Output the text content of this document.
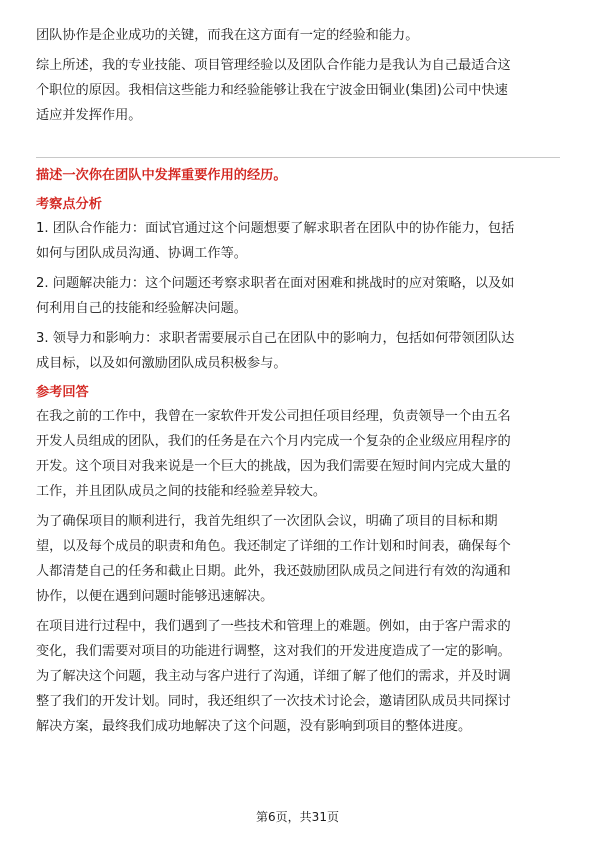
团队协作是企业成功的关键，而我在这方面有一定的经验和能力。

综上所述，我的专业技能、项目管理经验以及团队合作能力是我认为自己最适合这

个职位的原因。我相信这些能力和经验能够让我在宁波金田铜业(集团)公司中快速

适应并发挥作用。

描述一次你在团队中发挥重要作用的经历。

考察点分析

1. 团队合作能力：面试官通过这个问题想要了解求职者在团队中的协作能力，包括

如何与团队成员沟通、协调工作等。

2. 问题解决能力：这个问题还考察求职者在面对困难和挑战时的应对策略，以及如

何利用自己的技能和经验解决问题。

3. 领导力和影响力：求职者需要展示自己在团队中的影响力，包括如何带领团队达

成目标，以及如何激励团队成员积极参与。

参考回答

在我之前的工作中，我曾在一家软件开发公司担任项目经理，负责领导一个由五名

开发人员组成的团队，我们的任务是在六个月内完成一个复杂的企业级应用程序的

开发。这个项目对我来说是一个巨大的挑战，因为我们需要在短时间内完成大量的

工作，并且团队成员之间的技能和经验差异较大。

为了确保项目的顺利进行，我首先组织了一次团队会议，明确了项目的目标和期

望，以及每个成员的职责和角色。我还制定了详细的工作计划和时间表，确保每个

人都清楚自己的任务和截止日期。此外，我还鼓励团队成员之间进行有效的沟通和

协作，以便在遇到问题时能够迅速解决。

在项目进行过程中，我们遇到了一些技术和管理上的难题。例如，由于客户需求的

变化，我们需要对项目的功能进行调整，这对我们的开发进度造成了一定的影响。

为了解决这个问题，我主动与客户进行了沟通，详细了解了他们的需求，并及时调

整了我们的开发计划。同时，我还组织了一次技术讨论会，邀请团队成员共同探讨

解决方案，最终我们成功地解决了这个问题，没有影响到项目的整体进度。

第6页，共31页
